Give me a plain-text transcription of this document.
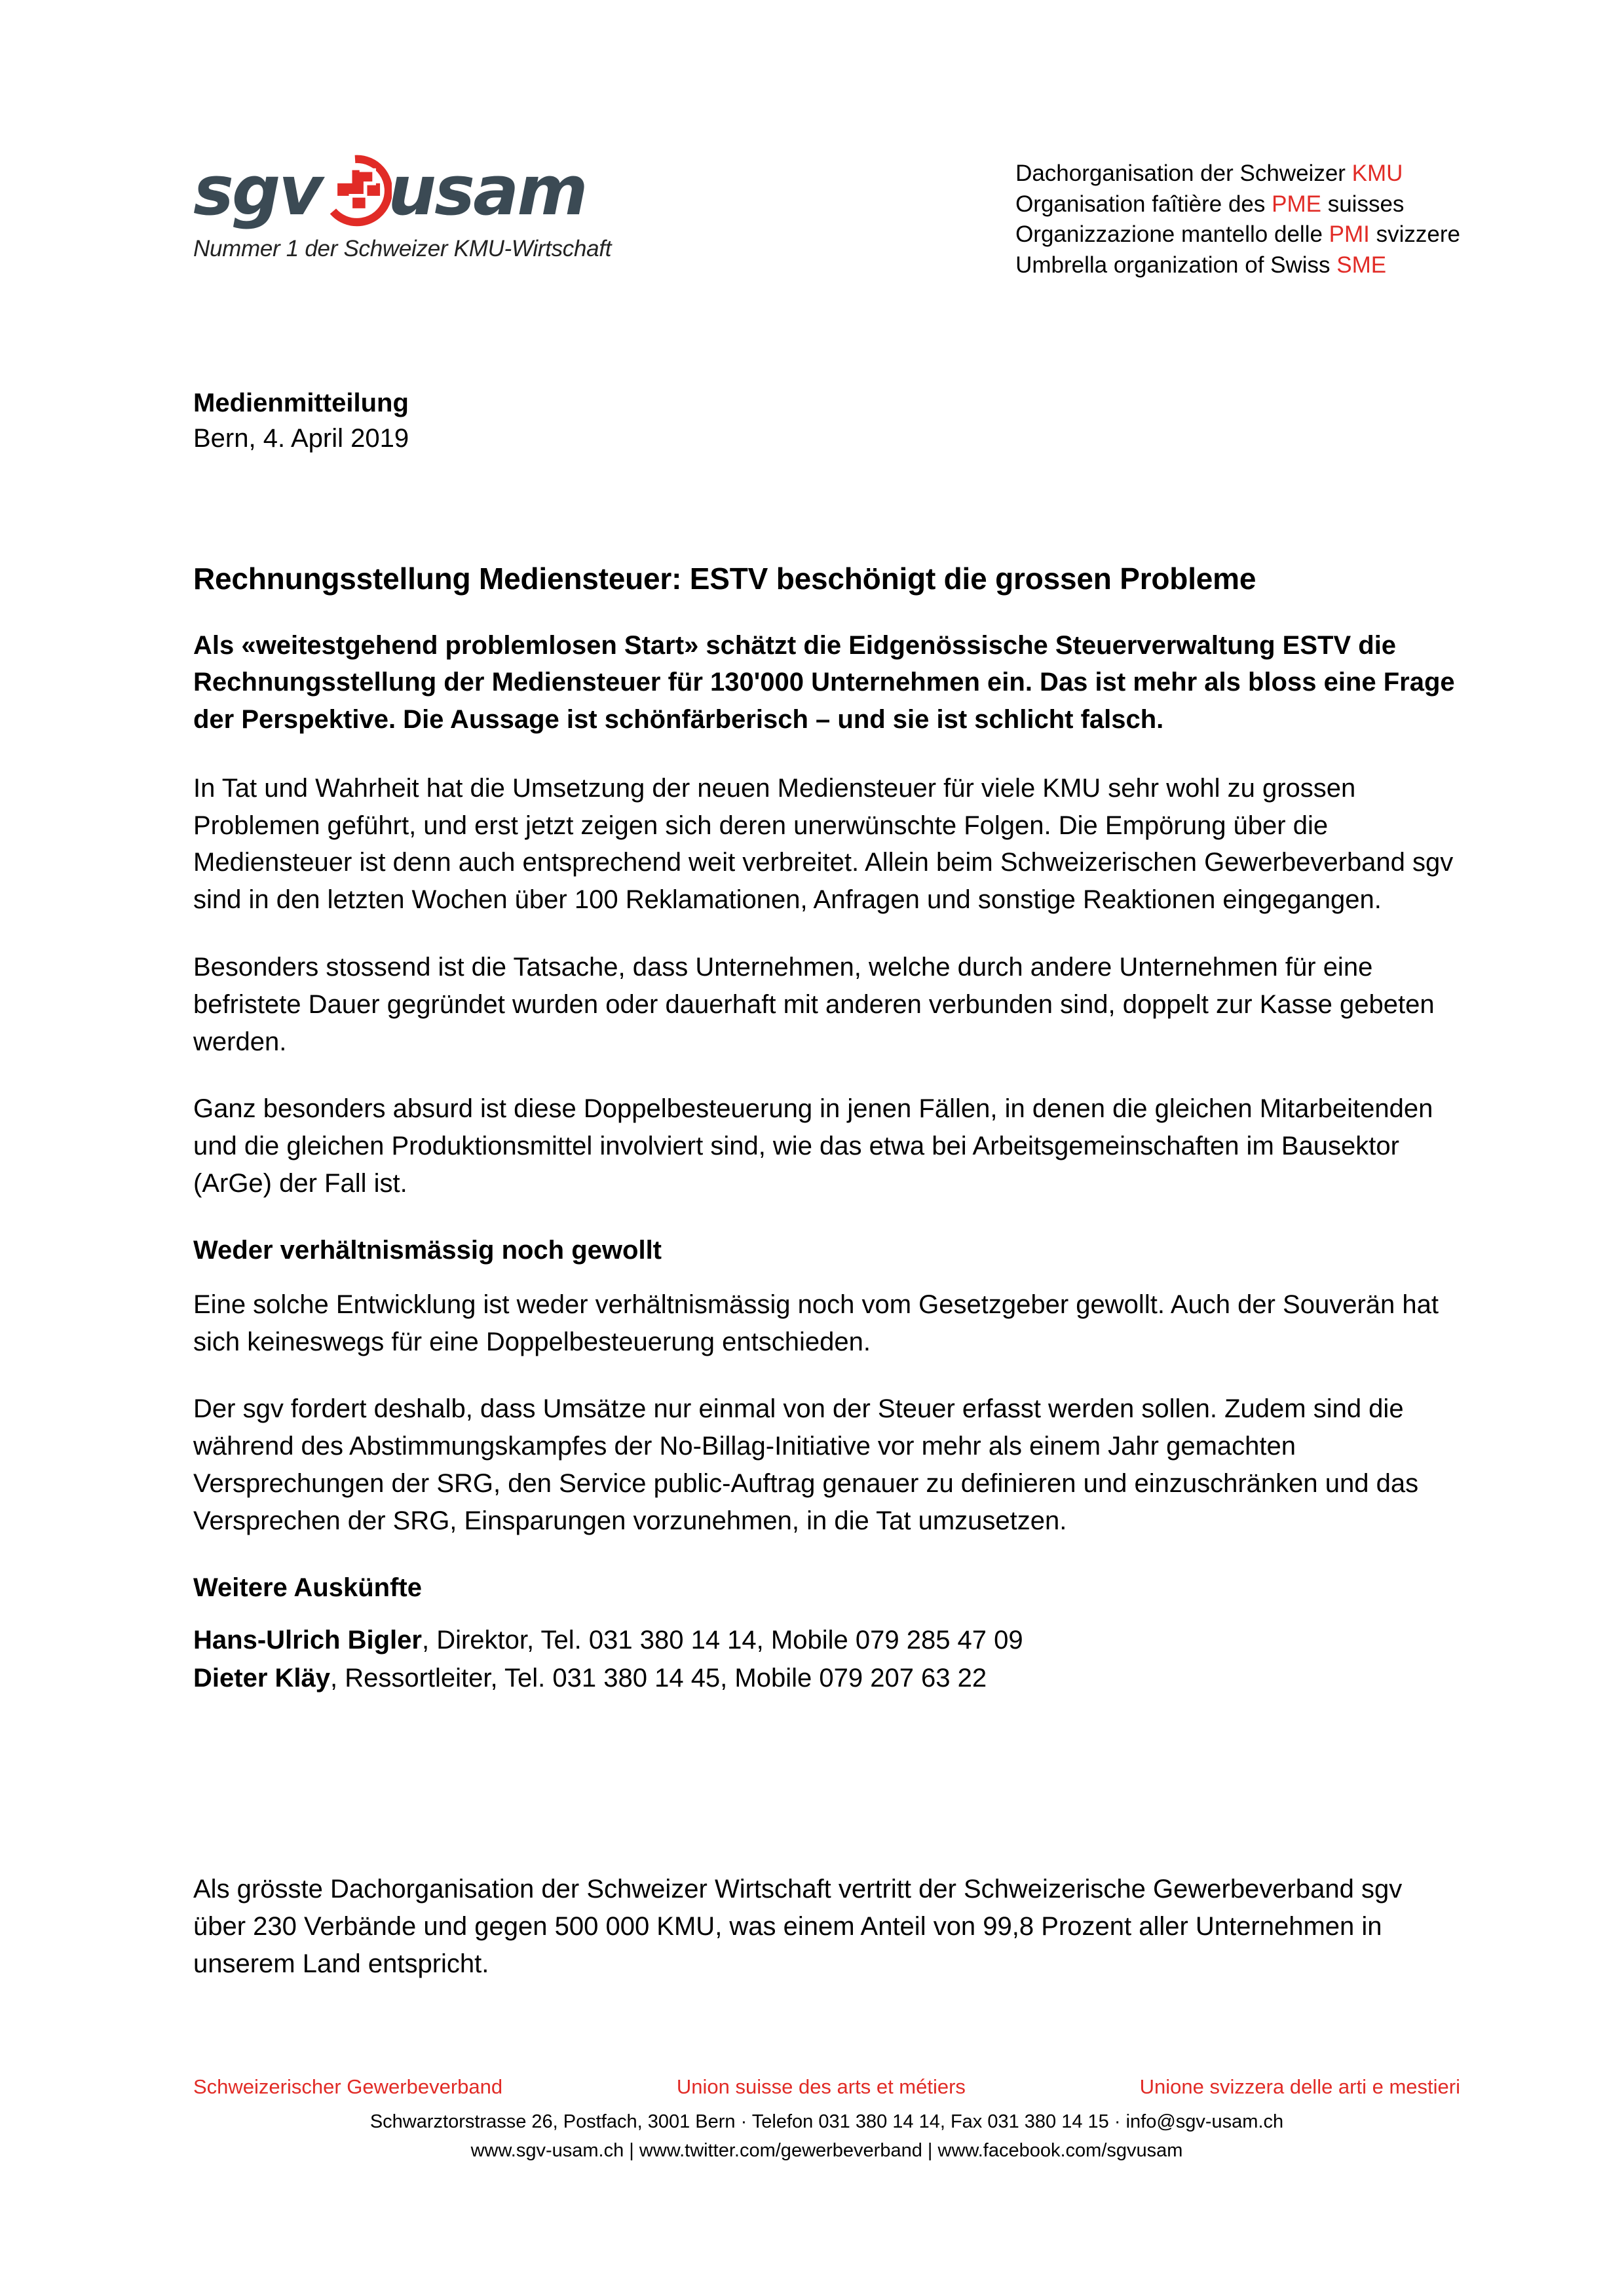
sgv usam
Nummer 1 der Schweizer KMU-Wirtschaft
Dachorganisation der Schweizer KMU
Organisation faîtière des PME suisses
Organizzazione mantello delle PMI svizzere
Umbrella organization of Swiss SME
Medienmitteilung
Bern, 4. April 2019
Rechnungsstellung Mediensteuer: ESTV beschönigt die grossen Probleme

Als «weitestgehend problemlosen Start» schätzt die Eidgenössische Steuerverwaltung ESTV die Rechnungsstellung der Mediensteuer für 130'000 Unternehmen ein. Das ist mehr als bloss eine Frage der Perspektive. Die Aussage ist schönfärberisch – und sie ist schlicht falsch.

In Tat und Wahrheit hat die Umsetzung der neuen Mediensteuer für viele KMU sehr wohl zu grossen Problemen geführt, und erst jetzt zeigen sich deren unerwünschte Folgen. Die Empörung über die Mediensteuer ist denn auch entsprechend weit verbreitet. Allein beim Schweizerischen Gewerbeverband sgv sind in den letzten Wochen über 100 Reklamationen, Anfragen und sonstige Reaktionen eingegangen.

Besonders stossend ist die Tatsache, dass Unternehmen, welche durch andere Unternehmen für eine befristete Dauer gegründet wurden oder dauerhaft mit anderen verbunden sind, doppelt zur Kasse gebeten werden.

Ganz besonders absurd ist diese Doppelbesteuerung in jenen Fällen, in denen die gleichen Mitarbeitenden und die gleichen Produktionsmittel involviert sind, wie das etwa bei Arbeitsgemeinschaften im Bausektor (ArGe) der Fall ist.

Weder verhältnismässig noch gewollt

Eine solche Entwicklung ist weder verhältnismässig noch vom Gesetzgeber gewollt. Auch der Souverän hat sich keineswegs für eine Doppelbesteuerung entschieden.

Der sgv fordert deshalb, dass Umsätze nur einmal von der Steuer erfasst werden sollen. Zudem sind die während des Abstimmungskampfes der No-Billag-Initiative vor mehr als einem Jahr gemachten Versprechungen der SRG, den Service public-Auftrag genauer zu definieren und einzuschränken und das Versprechen der SRG, Einsparungen vorzunehmen, in die Tat umzusetzen.

Weitere Auskünfte
Hans-Ulrich Bigler, Direktor, Tel. 031 380 14 14, Mobile 079 285 47 09
Dieter Kläy, Ressortleiter, Tel. 031 380 14 45, Mobile 079 207 63 22
Als grösste Dachorganisation der Schweizer Wirtschaft vertritt der Schweizerische Gewerbeverband sgv über 230 Verbände und gegen 500 000 KMU, was einem Anteil von 99,8 Prozent aller Unternehmen in unserem Land entspricht.
Schweizerischer Gewerbeverband	Union suisse des arts et métiers	Unione svizzera delle arti e mestieri
Schwarztorstrasse 26, Postfach, 3001 Bern · Telefon 031 380 14 14, Fax 031 380 14 15 · info@sgv-usam.ch
www.sgv-usam.ch | www.twitter.com/gewerbeverband | www.facebook.com/sgvusam
